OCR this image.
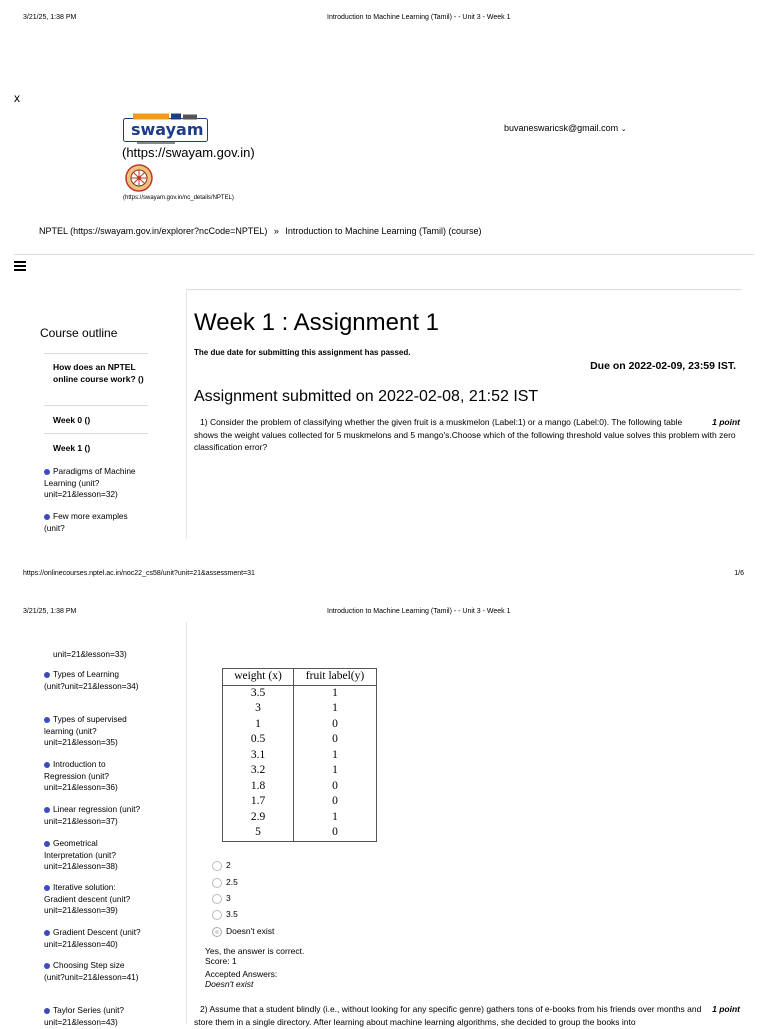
3/21/25, 1:38 PM	Introduction to Machine Learning (Tamil) - - Unit 3 - Week 1
x
swayam
(https://swayam.gov.in)
(https://swayam.gov.in/nc_details/NPTEL)
buvaneswaricsk@gmail.com ⌄
NPTEL (https://swayam.gov.in/explorer?ncCode=NPTEL) » Introduction to Machine Learning (Tamil) (course)
Course outline
How does an NPTEL online course work? ()
Week 0 ()
Week 1 ()
Paradigms of Machine Learning (unit?unit=21&lesson=32)
Few more examples (unit?
Week 1 : Assignment 1
The due date for submitting this assignment has passed.
Due on 2022-02-09, 23:59 IST.
Assignment submitted on 2022-02-08, 21:52 IST
1 point
1) Consider the problem of classifying whether the given fruit is a muskmelon (Label:1) or a mango (Label:0). The following table shows the weight values collected for 5 muskmelons and 5 mango's.Choose which of the following threshold value solves this problem with zero classification error?
https://onlinecourses.nptel.ac.in/noc22_cs58/unit?unit=21&assessment=31	1/6
3/21/25, 1:38 PM	Introduction to Machine Learning (Tamil) - - Unit 3 - Week 1
unit=21&lesson=33)
Types of Learning (unit?unit=21&lesson=34)
Types of supervised learning (unit?unit=21&lesson=35)
Introduction to Regression (unit?unit=21&lesson=36)
Linear regression (unit?unit=21&lesson=37)
Geometrical Interpretation (unit?unit=21&lesson=38)
Iterative solution: Gradient descent (unit?unit=21&lesson=39)
Gradient Descent (unit?unit=21&lesson=40)
Choosing Step size (unit?unit=21&lesson=41)
Taylor Series (unit?unit=21&lesson=43)
weight (x)	fruit label(y)
3.5	1
3	1
1	0
0.5	0
3.1	1
3.2	1
1.8	0
1.7	0
2.9	1
5	0
2
2.5
3
3.5
Doesn't exist
Yes, the answer is correct.
Score: 1
Accepted Answers:
Doesn't exist
1 point
2) Assume that a student blindly (i.e., without looking for any specific genre) gathers tons of e-books from his friends over months and store them in a single directory. After learning about machine learning algorithms, she decided to group the books into
